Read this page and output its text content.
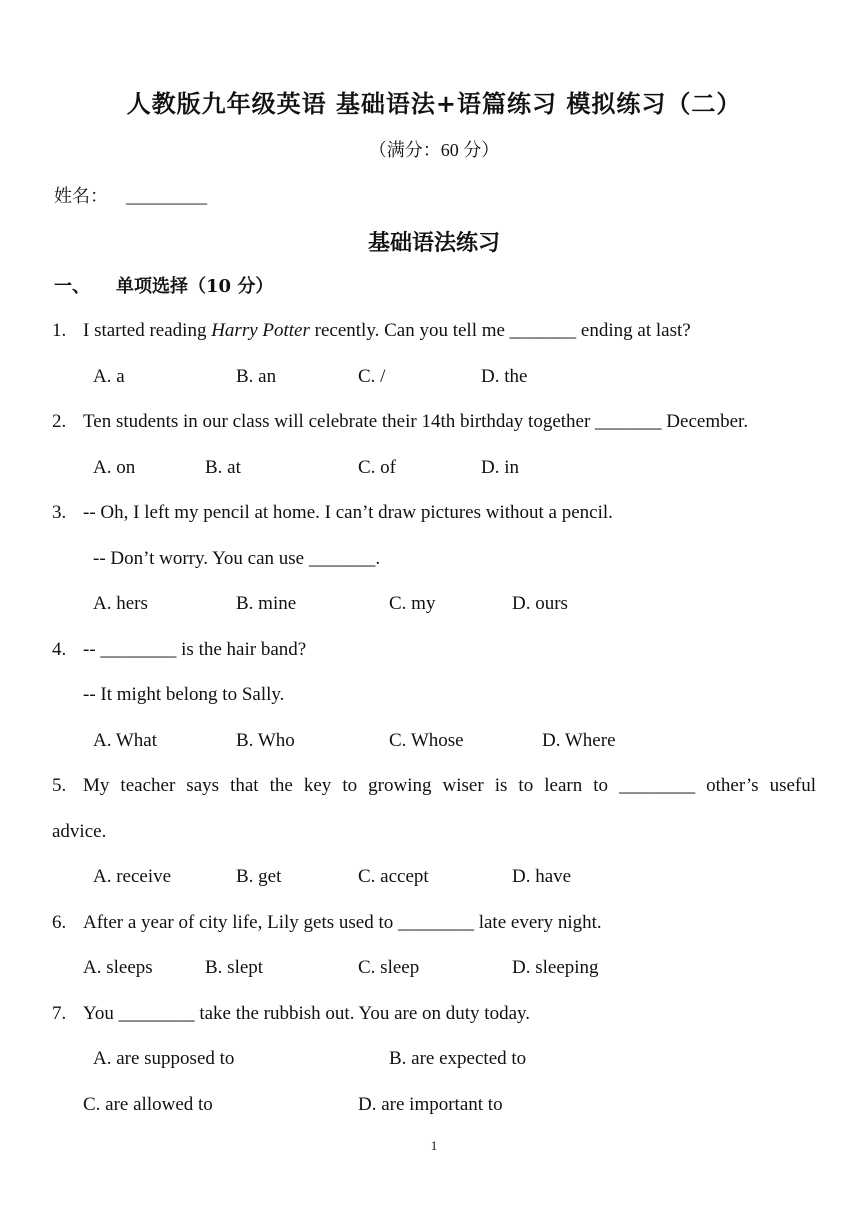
人教版九年级英语 基础语法+语篇练习 模拟练习（二）
（满分：60 分）
姓名： _________
基础语法练习
一、 单项选择（10 分）
1. I started reading Harry Potter recently. Can you tell me _______ ending at last?
A. a	B. an	C. /	D. the
2. Ten students in our class will celebrate their 14th birthday together _______ December.
A. on	B. at	C. of	D. in
3. -- Oh, I left my pencil at home. I can’t draw pictures without a pencil.
-- Don’t worry. You can use _______.
A. hers	B. mine	C. my	D. ours
4. -- ________ is the hair band?
-- It might belong to Sally.
A. What	B. Who	C. Whose	D. Where
5. My teacher says that the key to growing wiser is to learn to ________ other’s useful
advice.
A. receive	B. get	C. accept	D. have
6. After a year of city life, Lily gets used to ________ late every night.
A. sleeps	B. slept	C. sleep	D. sleeping
7. You ________ take the rubbish out. You are on duty today.
A. are supposed to	B. are expected to
C. are allowed to	D. are important to
1
